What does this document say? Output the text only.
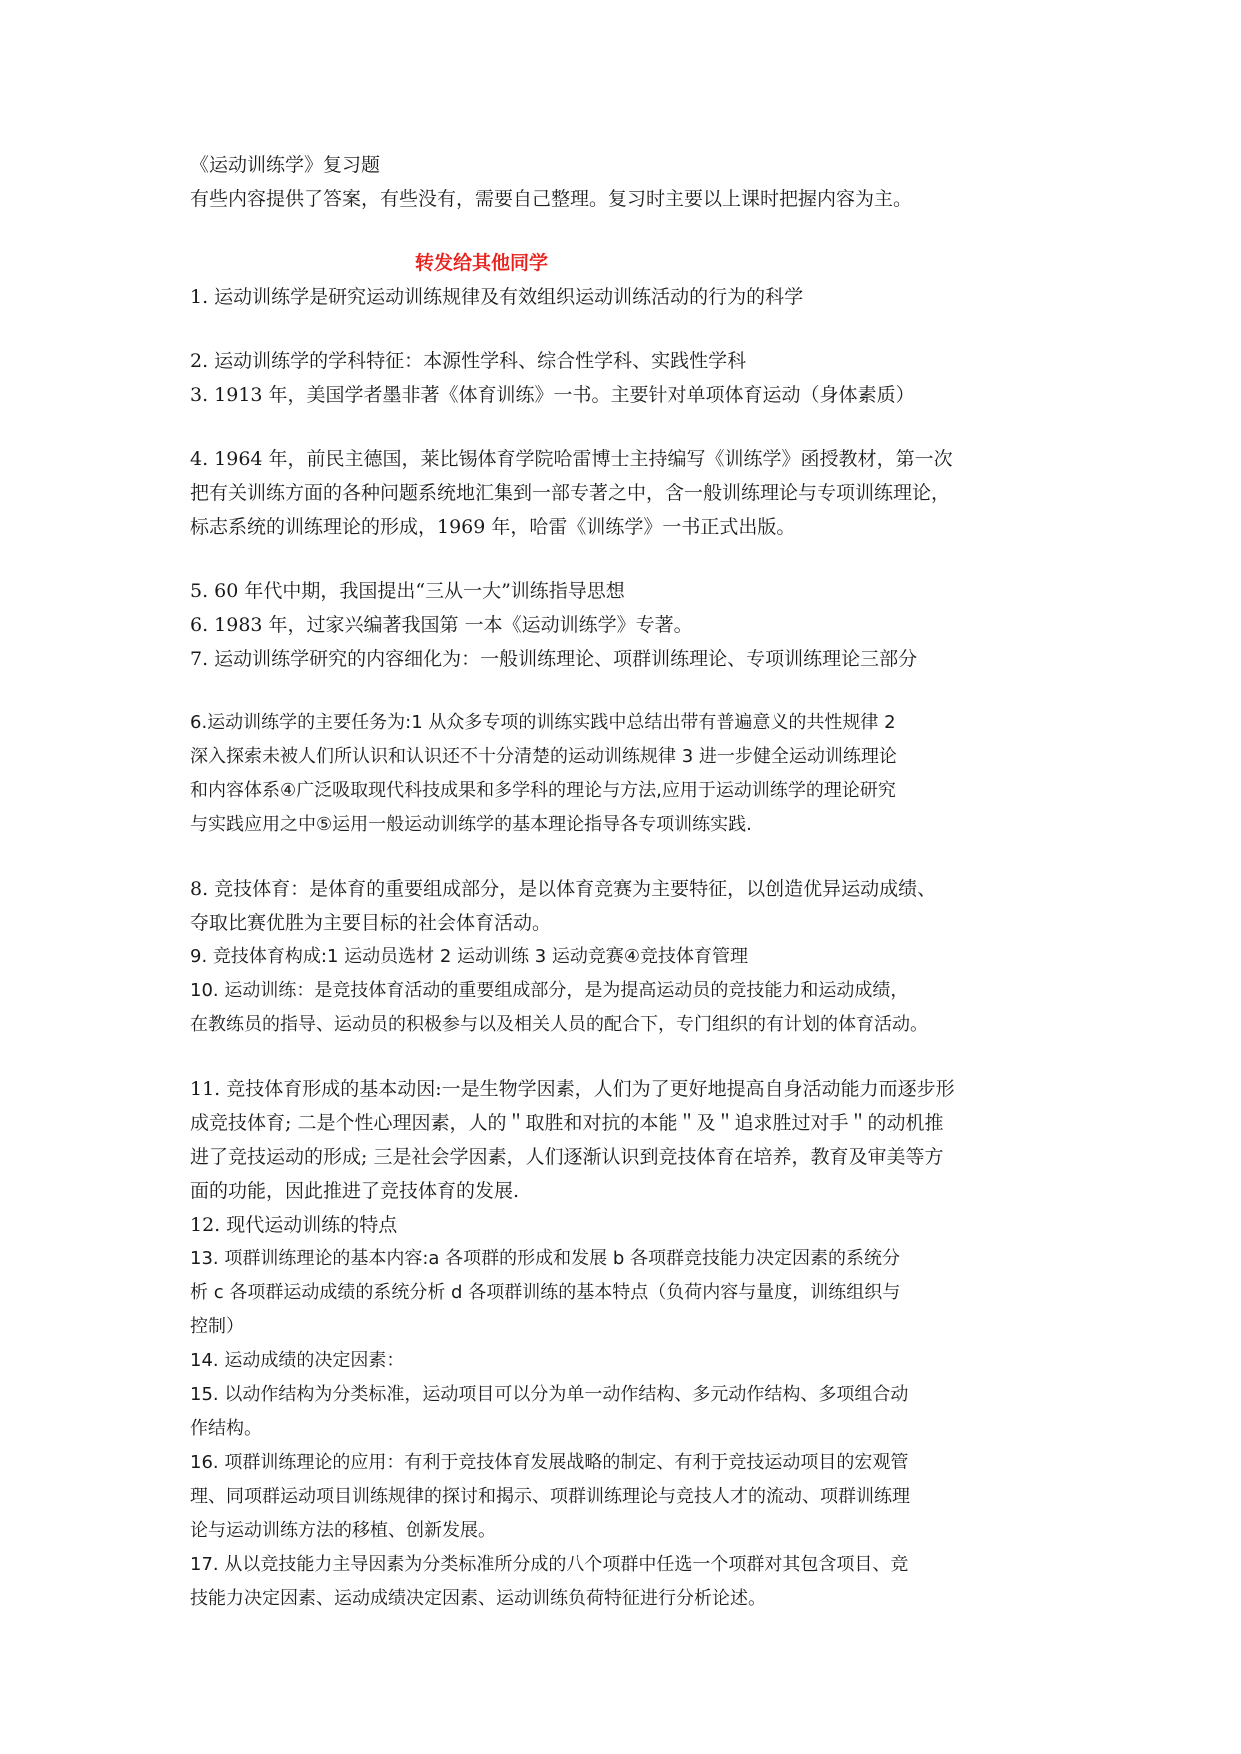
《运动训练学》复习题

有些内容提供了答案，有些没有，需要自己整理。复习时主要以上课时把握内容为主。

转发给其他同学

1. 运动训练学是研究运动训练规律及有效组织运动训练活动的行为的科学

2. 运动训练学的学科特征：本源性学科、综合性学科、实践性学科

3. 1913 年，美国学者墨非著《体育训练》一书。主要针对单项体育运动（身体素质）

4. 1964 年，前民主德国，莱比锡体育学院哈雷博士主持编写《训练学》函授教材，第一次

把有关训练方面的各种问题系统地汇集到一部专著之中，含一般训练理论与专项训练理论，

标志系统的训练理论的形成，1969 年，哈雷《训练学》一书正式出版。

5. 60 年代中期，我国提出“三从一大”训练指导思想

6. 1983 年，过家兴编著我国第 一本《运动训练学》专著。

7. 运动训练学研究的内容细化为：一般训练理论、项群训练理论、专项训练理论三部分

6.运动训练学的主要任务为:1 从众多专项的训练实践中总结出带有普遍意义的共性规律 2

深入探索未被人们所认识和认识还不十分清楚的运动训练规律 3 进一步健全运动训练理论

和内容体系④广泛吸取现代科技成果和多学科的理论与方法,应用于运动训练学的理论研究

与实践应用之中⑤运用一般运动训练学的基本理论指导各专项训练实践.

8. 竞技体育：是体育的重要组成部分，是以体育竞赛为主要特征，以创造优异运动成绩、

夺取比赛优胜为主要目标的社会体育活动。

9. 竞技体育构成:1 运动员选材 2 运动训练 3 运动竞赛④竞技体育管理

10. 运动训练：是竞技体育活动的重要组成部分，是为提高运动员的竞技能力和运动成绩，

在教练员的指导、运动员的积极参与以及相关人员的配合下，专门组织的有计划的体育活动。

11. 竞技体育形成的基本动因:一是生物学因素，人们为了更好地提高自身活动能力而逐步形

成竞技体育; 二是个性心理因素，人的＂取胜和对抗的本能＂及＂追求胜过对手＂的动机推

进了竞技运动的形成; 三是社会学因素，人们逐渐认识到竞技体育在培养，教育及审美等方

面的功能，因此推进了竞技体育的发展.

12. 现代运动训练的特点

13. 项群训练理论的基本内容:a 各项群的形成和发展 b 各项群竞技能力决定因素的系统分

析 c 各项群运动成绩的系统分析 d 各项群训练的基本特点（负荷内容与量度，训练组织与

控制）

14. 运动成绩的决定因素：

15. 以动作结构为分类标准，运动项目可以分为单一动作结构、多元动作结构、多项组合动

作结构。

16. 项群训练理论的应用：有利于竞技体育发展战略的制定、有利于竞技运动项目的宏观管

理、同项群运动项目训练规律的探讨和揭示、项群训练理论与竞技人才的流动、项群训练理

论与运动训练方法的移植、创新发展。

17. 从以竞技能力主导因素为分类标准所分成的八个项群中任选一个项群对其包含项目、竞

技能力决定因素、运动成绩决定因素、运动训练负荷特征进行分析论述。
